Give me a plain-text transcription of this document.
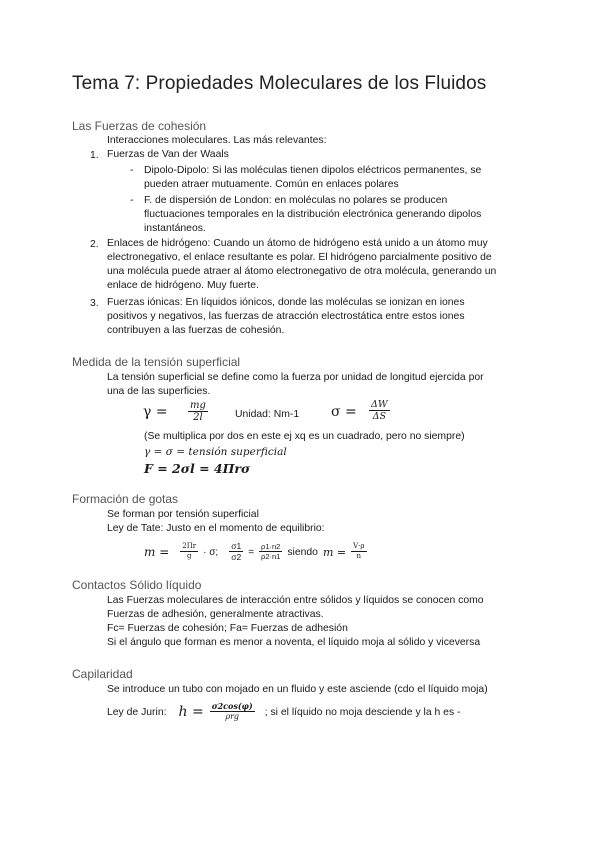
Tema 7: Propiedades Moleculares de los Fluidos
Las Fuerzas de cohesión
Interacciones moleculares. Las más relevantes:
1. Fuerzas de Van der Waals
- Dipolo-Dipolo: Si las moléculas tienen dipolos eléctricos permanentes, se
pueden atraer mutuamente. Común en enlaces polares
- F. de dispersión de London: en moléculas no polares se producen
fluctuaciones temporales en la distribución electrónica generando dipolos
instantáneos.
2. Enlaces de hidrógeno: Cuando un átomo de hidrógeno está unido a un átomo muy
electronegativo, el enlace resultante es polar. El hidrógeno parcialmente positivo de
una molécula puede atraer al átomo electronegativo de otra molécula, generando un
enlace de hidrógeno. Muy fuerte.
3. Fuerzas iónicas: En líquidos iónicos, donde las moléculas se ionizan en iones
positivos y negativos, las fuerzas de atracción electrostática entre estos iones
contribuyen a las fuerzas de cohesión.
Medida de la tensión superficial
La tensión superficial se define como la fuerza por unidad de longitud ejercida por
una de las superficies.
$\gamma = \frac{mg}{2l}$	Unidad: Nm-1 $\sigma = \frac{\Delta W}{\Delta S}$
(Se multiplica por dos en este ej xq es un cuadrado, pero no siempre)
γ = σ = tensión superficial
F = 2σl = 4Πrσ
Formación de gotas
Se forman por tensión superficial
Ley de Tate: Justo en el momento de equilibrio:
$m = \frac{2\Pi r}{g} \cdot \sigma$; $\frac{\sigma 1}{\sigma 2} = \frac{\rho 1\cdot n2}{\rho 2\cdot n1}$ siendo $m = \frac{V\cdot\rho}{n}$
Contactos Sólido líquido
Las Fuerzas moleculares de interacción entre sólidos y líquidos se conocen como
Fuerzas de adhesión, generalmente atractivas.
Fc= Fuerzas de cohesión; Fa= Fuerzas de adhesión
Si el ángulo que forman es menor a noventa, el líquido moja al sólido y viceversa
Capilaridad
Se introduce un tubo con mojado en un fluido y este asciende (cdo el líquido moja)
Ley de Jurin: $h = \frac{\sigma 2\cos(\varphi)}{\text{ρrg}}$ ; si el líquido no moja desciende y la h es -
